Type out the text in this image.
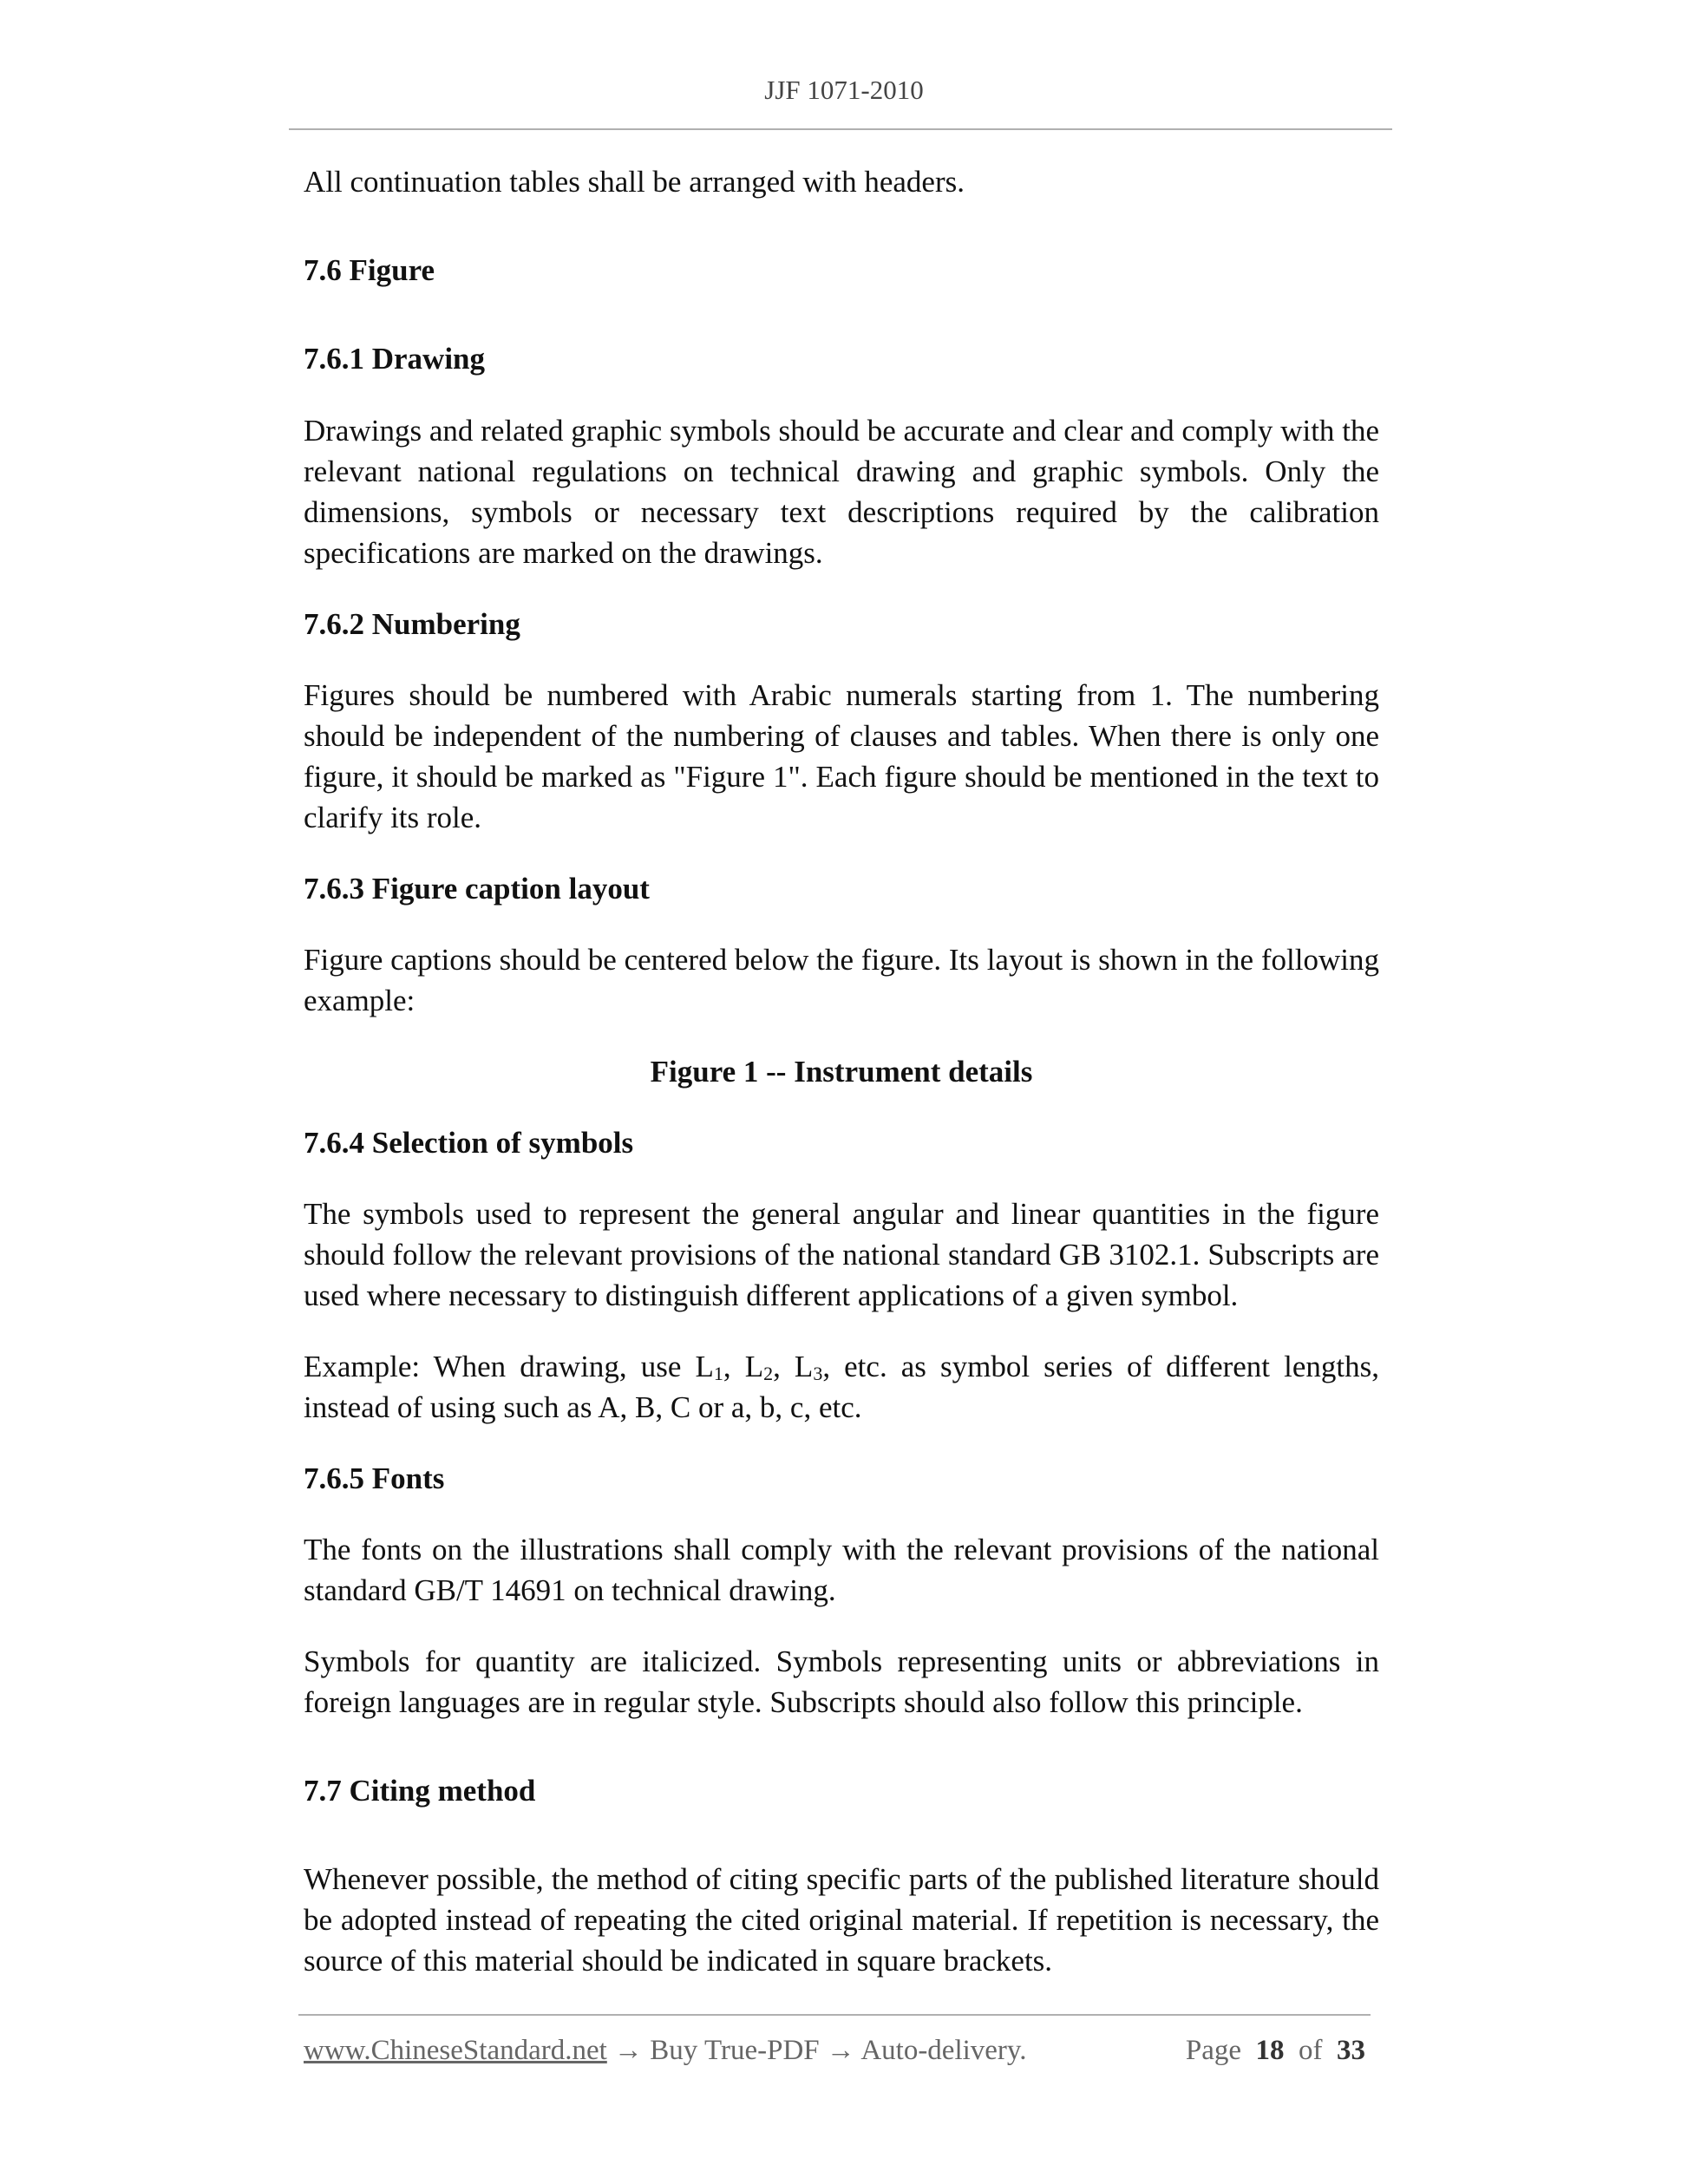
JJF 1071-2010

All continuation tables shall be arranged with headers.

7.6 Figure
7.6.1 Drawing

Drawings and related graphic symbols should be accurate and clear and comply with the relevant national regulations on technical drawing and graphic symbols. Only the dimensions, symbols or necessary text descriptions required by the calibration specifications are marked on the drawings.

7.6.2 Numbering

Figures should be numbered with Arabic numerals starting from 1. The numbering should be independent of the numbering of clauses and tables. When there is only one figure, it should be marked as "Figure 1". Each figure should be mentioned in the text to clarify its role.

7.6.3 Figure caption layout

Figure captions should be centered below the figure. Its layout is shown in the following example:

Figure 1 -- Instrument details
7.6.4 Selection of symbols

The symbols used to represent the general angular and linear quantities in the figure should follow the relevant provisions of the national standard GB 3102.1. Subscripts are used where necessary to distinguish different applications of a given symbol.

Example: When drawing, use $L_1$, $L_2$, $L_3$, etc. as symbol series of different lengths, instead of using such as A, B, C or a, b, c, etc.

7.6.5 Fonts

The fonts on the illustrations shall comply with the relevant provisions of the national standard GB/T 14691 on technical drawing.

Symbols for quantity are italicized. Symbols representing units or abbreviations in foreign languages are in regular style. Subscripts should also follow this principle.

7.7 Citing method

Whenever possible, the method of citing specific parts of the published literature should be adopted instead of repeating the cited original material. If repetition is necessary, the source of this material should be indicated in square brackets.

www.ChineseStandard.net → Buy True-PDF → Auto-delivery.	Page 18 of 33
